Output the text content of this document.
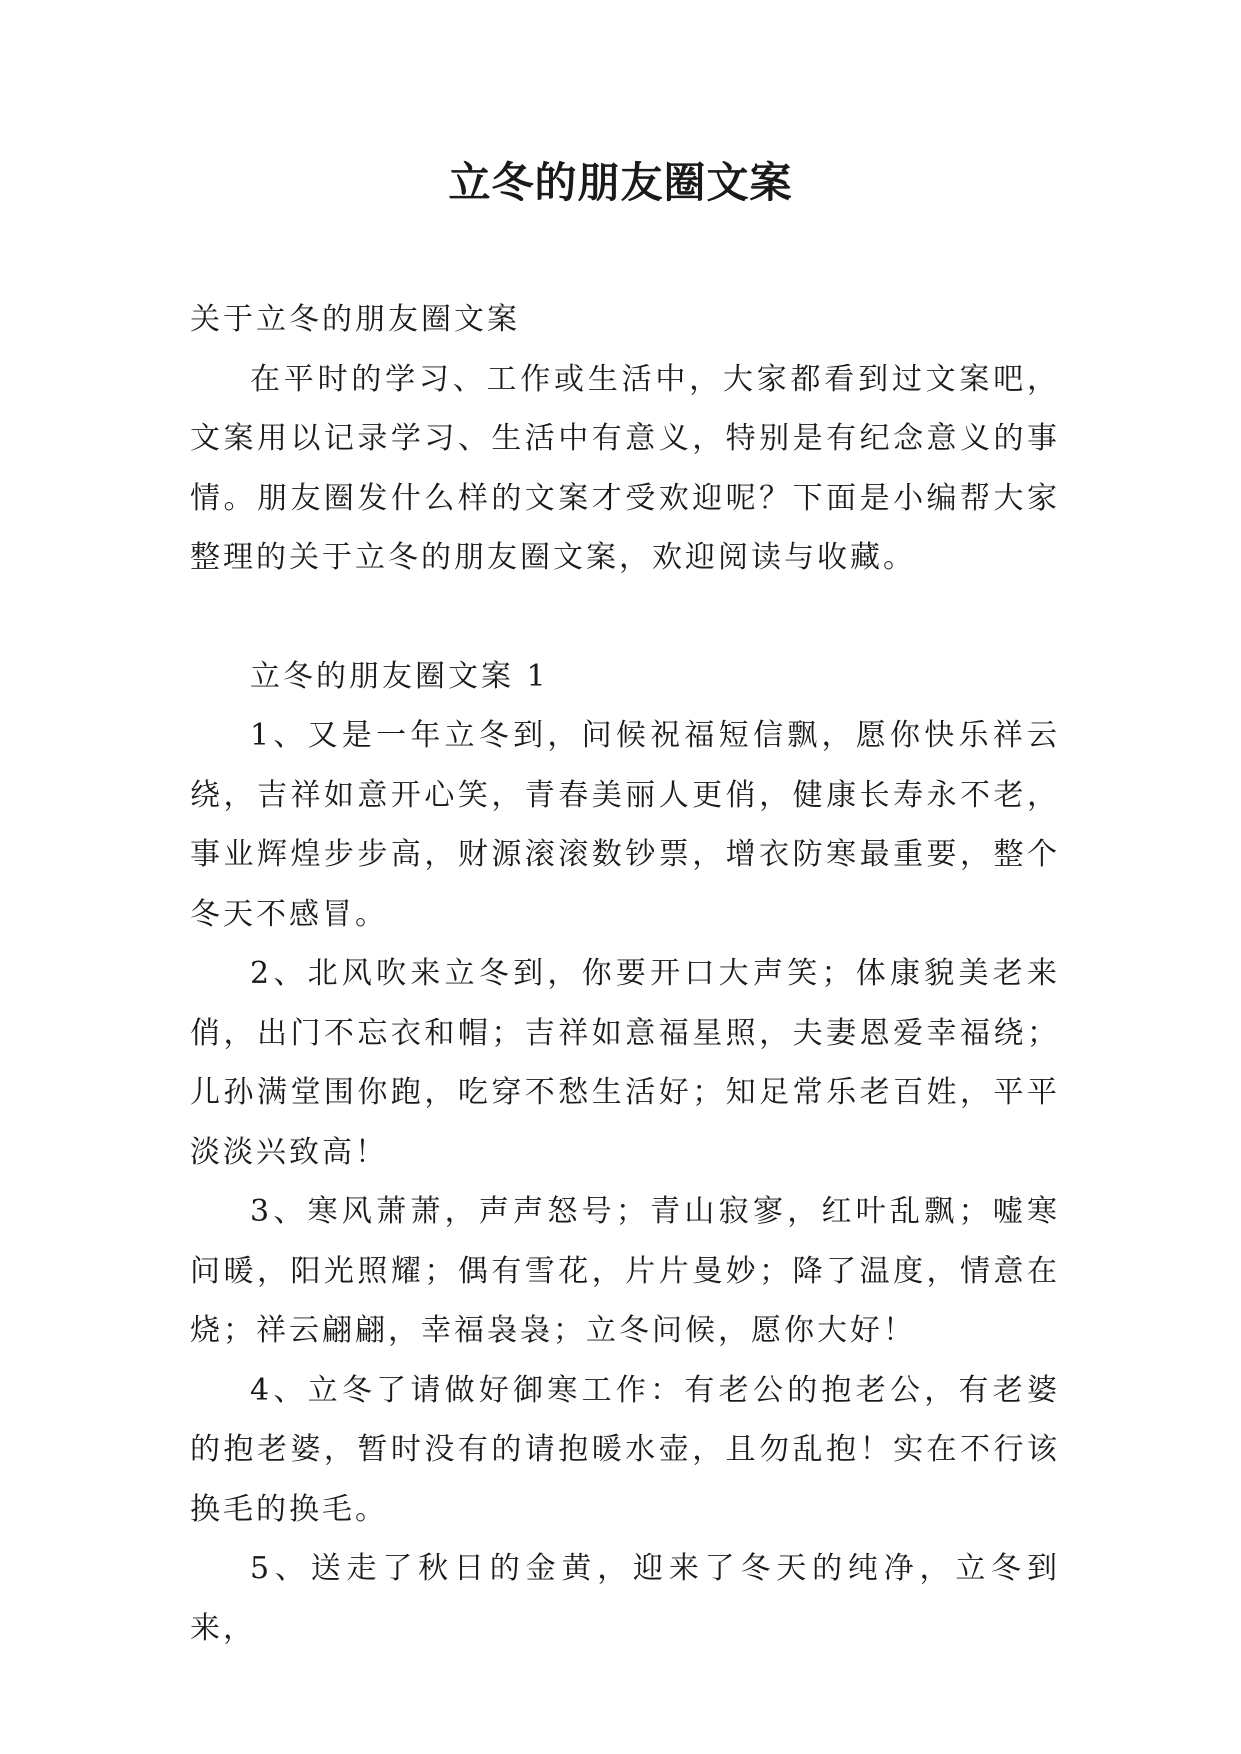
立冬的朋友圈文案

关于立冬的朋友圈文案

在平时的学习、工作或生活中，大家都看到过文案吧，文案用以记录学习、生活中有意义，特别是有纪念意义的事情。朋友圈发什么样的文案才受欢迎呢？下面是小编帮大家整理的关于立冬的朋友圈文案，欢迎阅读与收藏。

立冬的朋友圈文案 1

1、又是一年立冬到，问候祝福短信飘，愿你快乐祥云绕，吉祥如意开心笑，青春美丽人更俏，健康长寿永不老，事业辉煌步步高，财源滚滚数钞票，增衣防寒最重要，整个冬天不感冒。

2、北风吹来立冬到，你要开口大声笑；体康貌美老来俏，出门不忘衣和帽；吉祥如意福星照，夫妻恩爱幸福绕；儿孙满堂围你跑，吃穿不愁生活好；知足常乐老百姓，平平淡淡兴致高！

3、寒风萧萧，声声怒号；青山寂寥，红叶乱飘；嘘寒问暖，阳光照耀；偶有雪花，片片曼妙；降了温度，情意在烧；祥云翩翩，幸福袅袅；立冬问候，愿你大好！

4、立冬了请做好御寒工作：有老公的抱老公，有老婆的抱老婆，暂时没有的请抱暖水壶，且勿乱抱！实在不行该换毛的换毛。

5、送走了秋日的金黄，迎来了冬天的纯净，立冬到来，
